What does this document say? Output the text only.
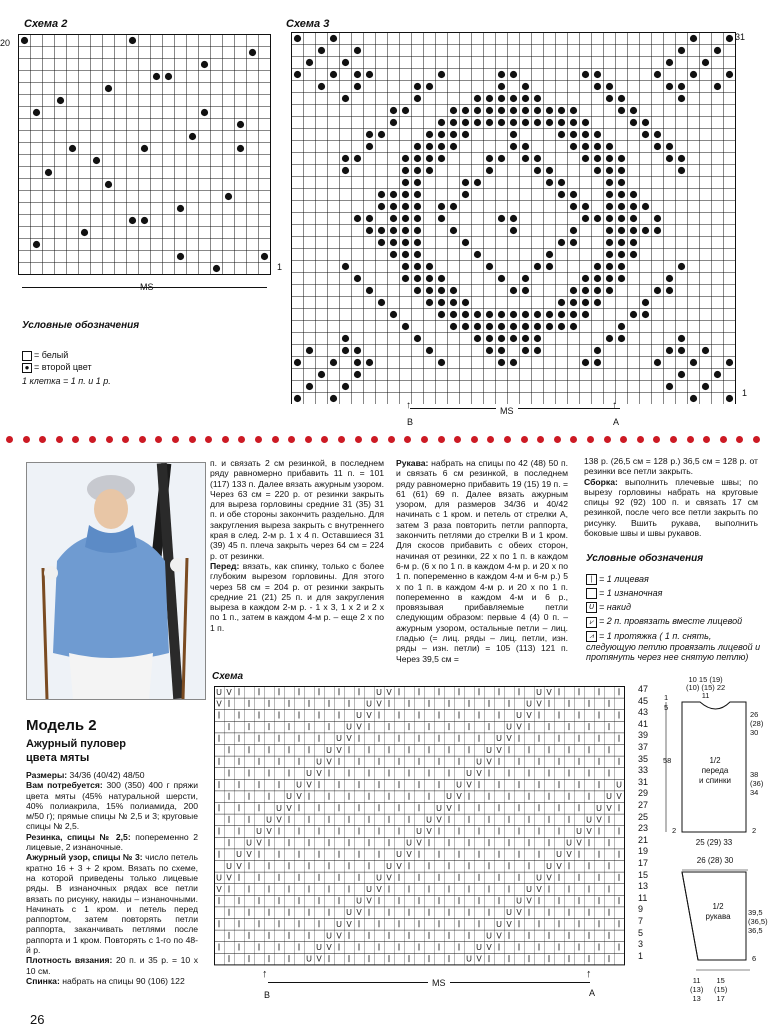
Схема 2
20
1
MS
Схема 3
31
1
MS
↑
B
↑
A
Условные обозначения
= белый
● = второй цвет
1 клетка = 1 п. и 1 р.
Модель 2
Ажурный пуловер
цвета мяты
Размеры: 34/36 (40/42) 48/50
Вам потребуется: 300 (350) 400 г пряжи цвета мяты (45% натуральной шерсти, 40% полиакрила, 15% полиамида, 200 м/50 г); прямые спицы № 2,5 и 3; круговые спицы № 2,5.
Резинка, спицы № 2,5: попеременно 2 лицевые, 2 изнаночные.
Ажурный узор, спицы № 3: число петель кратно 16 + 3 + 2 кром. Вязать по схеме, на которой приведены только лицевые ряды. В изнаночных рядах все петли вязать по рисунку, накиды – изнаночными. Начинать с 1 кром. и петель перед раппортом, затем повторять петли раппорта, заканчивать петлями после раппорта и 1 кром. Повторять с 1-го по 48-й р.
Плотность вязания: 20 п. и 35 р. = 10 х 10 см.
Спинка: набрать на спицы 90 (106) 122
п. и связать 2 см резинкой, в последнем ряду равномерно прибавить 11 п. = 101 (117) 133 п. Далее вязать ажурным узором. Через 63 см = 220 р. от резинки закрыть для выреза горловины средние 31 (35) 31 п. и обе стороны закончить раздельно. Для закругления выреза закрыть с внутреннего края в след. 2-м р. 1 х 4 п. Оставшиеся 31 (39) 45 п. плеча закрыть через 64 см = 224 р. от резинки.
Перед: вязать, как спинку, только с более глубоким вырезом горловины. Для этого через 58 см = 204 р. от резинки закрыть средние 21 (21) 25 п. и для закругления выреза в каждом 2-м р. - 1 х 3, 1 х 2 и 2 х по 1 п., затем в каждом 4-м р. – еще 2 х по 1 п.
Рукава: набрать на спицы по 42 (48) 50 п. и связать 6 см резинкой, в последнем ряду равномерно прибавить 19 (15) 19 п. = 61 (61) 69 п. Далее вязать ажурным узором, для размеров 34/36 и 40/42 начинать с 1 кром. и петель от стрелки А, затем 3 раза повторить петли раппорта, закончить петлями до стрелки В и 1 кром. Для скосов прибавить с обеих сторон, начиная от резинки, 22 х по 1 п. в каждом 6-м р. (6 х по 1 п. в каждом 4-м р. и 20 х по 1 п. попеременно в каждом 4-м и 6-м р.) 5 х по 1 п. в каждом 4-м р. и 20 х по 1 п. попеременно в каждом 4-м и 6 р., провязывая прибавляемые петли следующим образом: первые 4 (4) 0 п. – ажурным узором, остальные петли – лиц. гладью (= лиц. ряды – лиц. петли, изн. ряды – изн. петли) = 105 (113) 121 п. Через 39,5 см =
138 р. (26,5 см = 128 р.) 36,5 см = 128 р. от резинки все петли закрыть.
Сборка: выполнить плечевые швы; по вырезу горловины набрать на круговые спицы 92 (92) 100 п. и связать 17 см резинкой, после чего все петли закрыть по рисунку. Вшить рукава, выполнить боковые швы и швы рукавов.
Условные обозначения
| = 1 лицевая
= 1 изнаночная
U = накид
⩗ = 2 п. провязать вместе лицевой
⩘ = 1 протяжка ( 1 п. снять, следующую петлю провязать лицевой и протянуть через нее снятую петлю)
Схема
U V	U V	U V
V	U V	U V
U V	U V
U V	U V
U V	U V
U V	U V
U V	U V
U V	U V
U V	U V	U
U V	U V	U V
U V	U V	U V
U V	U V	U V
U V	U V	U V
U V	U V	U V
U V	U V	U V
U V	U V	U V
U V	U V	U V
V	U V	U V
U V	U V
U V	U V
U V	U V
U V	U V
U V	U V
U V	U V
47
45
43
41
39
37
35
33
31
29
27
25
23
21
19
17
15
13
11
9
7
5
3
1
MS
↑
B
↑
A
10 15 (19)
(10) (15) 22
11
1
5
26
(28)
30
58	1/2
переда
и спинки
38
(36)
34
2	2
25 (29) 33
26 (28) 30
1/2
рукава	39,5
(36,5)
36,5
6
11
(13)
13
15
(15)
17
26
